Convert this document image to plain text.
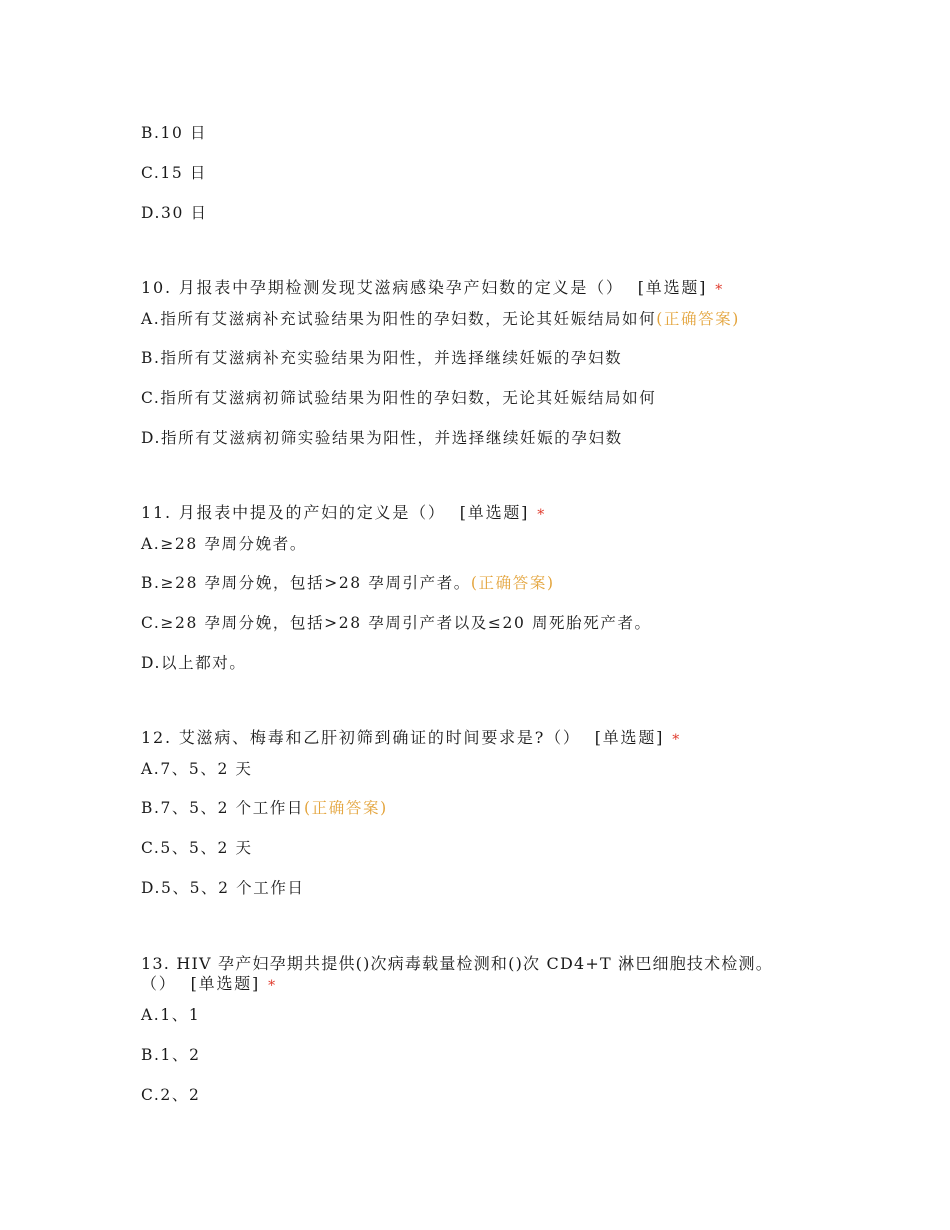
B.10 日
C.15 日
D.30 日
10. 月报表中孕期检测发现艾滋病感染孕产妇数的定义是（） [单选题] *
A.指所有艾滋病补充试验结果为阳性的孕妇数，无论其妊娠结局如何(正确答案)
B.指所有艾滋病补充实验结果为阳性，并选择继续妊娠的孕妇数
C.指所有艾滋病初筛试验结果为阳性的孕妇数，无论其妊娠结局如何
D.指所有艾滋病初筛实验结果为阳性，并选择继续妊娠的孕妇数
11. 月报表中提及的产妇的定义是（） [单选题] *
A.≥28 孕周分娩者。
B.≥28 孕周分娩，包括>28 孕周引产者。(正确答案)
C.≥28 孕周分娩，包括>28 孕周引产者以及≤20 周死胎死产者。
D.以上都对。
12. 艾滋病、梅毒和乙肝初筛到确证的时间要求是?（） [单选题] *
A.7、5、2 天
B.7、5、2 个工作日(正确答案)
C.5、5、2 天
D.5、5、2 个工作日
13. HIV 孕产妇孕期共提供()次病毒载量检测和()次 CD4+T 淋巴细胞技术检测。
（） [单选题] *
A.1、1
B.1、2
C.2、2
